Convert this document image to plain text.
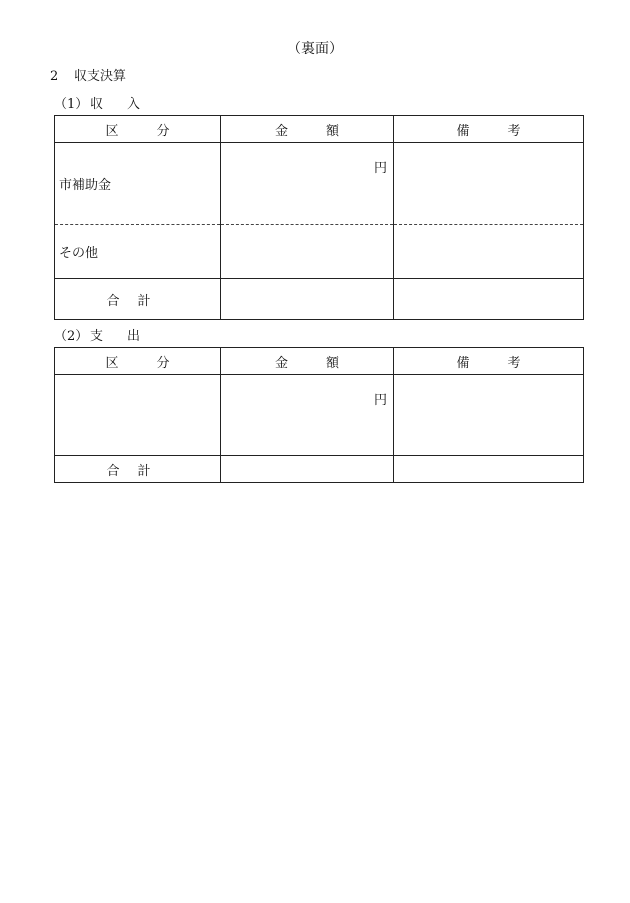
（裏面）
2 収支決算
（1） 収入
区分	金額	備考
市補助金	円	

その他	

合計		
（2） 支出
区分	金額	備考

	円	

合計		
